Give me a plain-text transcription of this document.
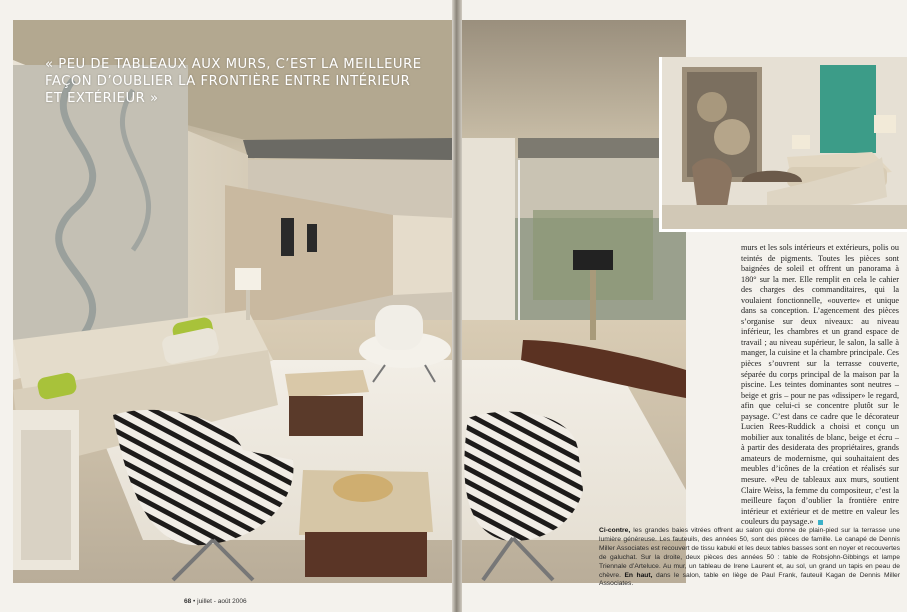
« PEU DE TABLEAUX AUX MURS, C’EST LA MEILLEURE FAÇON D’OUBLIER LA FRONTIÈRE ENTRE INTÉRIEUR ET EXTÉRIEUR »
murs et les sols intérieurs et extérieurs, polis ou teintés de pigments. Toutes les pièces sont baignées de soleil et offrent un panorama à 180° sur la mer. Elle remplit en cela le cahier des charges des commanditaires, qui la voulaient fonctionnelle, «ouverte» et unique dans sa conception. L’agencement des pièces s’organise sur deux niveaux: au niveau inférieur, les chambres et un grand espace de travail ; au niveau supérieur, le salon, la salle à manger, la cuisine et la chambre principale. Ces pièces s’ouvrent sur la terrasse couverte, séparée du corps principal de la maison par la piscine. Les teintes dominantes sont neutres – beige et gris – pour ne pas «dissiper» le regard, afin que celui-ci se concentre plutôt sur le paysage. C’est dans ce cadre que le décorateur Lucien Rees-Ruddick a choisi et conçu un mobilier aux tonalités de blanc, beige et écru – à partir des desiderata des propriétaires, grands amateurs de modernisme, qui souhaitaient des meubles d’icônes de la création et réalisés sur mesure. «Peu de tableaux aux murs, soutient Claire Weiss, la femme du compositeur, c’est la meilleure façon d’oublier la frontière entre intérieur et extérieur et de mettre en valeur les couleurs du paysage.»
Ci-contre, les grandes baies vitrées offrent au salon qui donne de plain-pied sur la terrasse une lumière généreuse. Les fauteuils, des années 50, sont des pièces de famille. Le canapé de Dennis Miller Associates est recouvert de tissu kabuki et les deux tables basses sont en noyer et recouvertes de galuchat. Sur la droite, deux pièces des années 50 : table de Robsjohn-Gibbings et lampe Triennale d’Arteluce. Au mur, un tableau de Irene Laurent et, au sol, un grand un tapis en peau de chèvre. En haut, dans le salon, table en liège de Paul Frank, fauteuil Kagan de Dennis Miller Associates.
68 • juillet - août 2006
